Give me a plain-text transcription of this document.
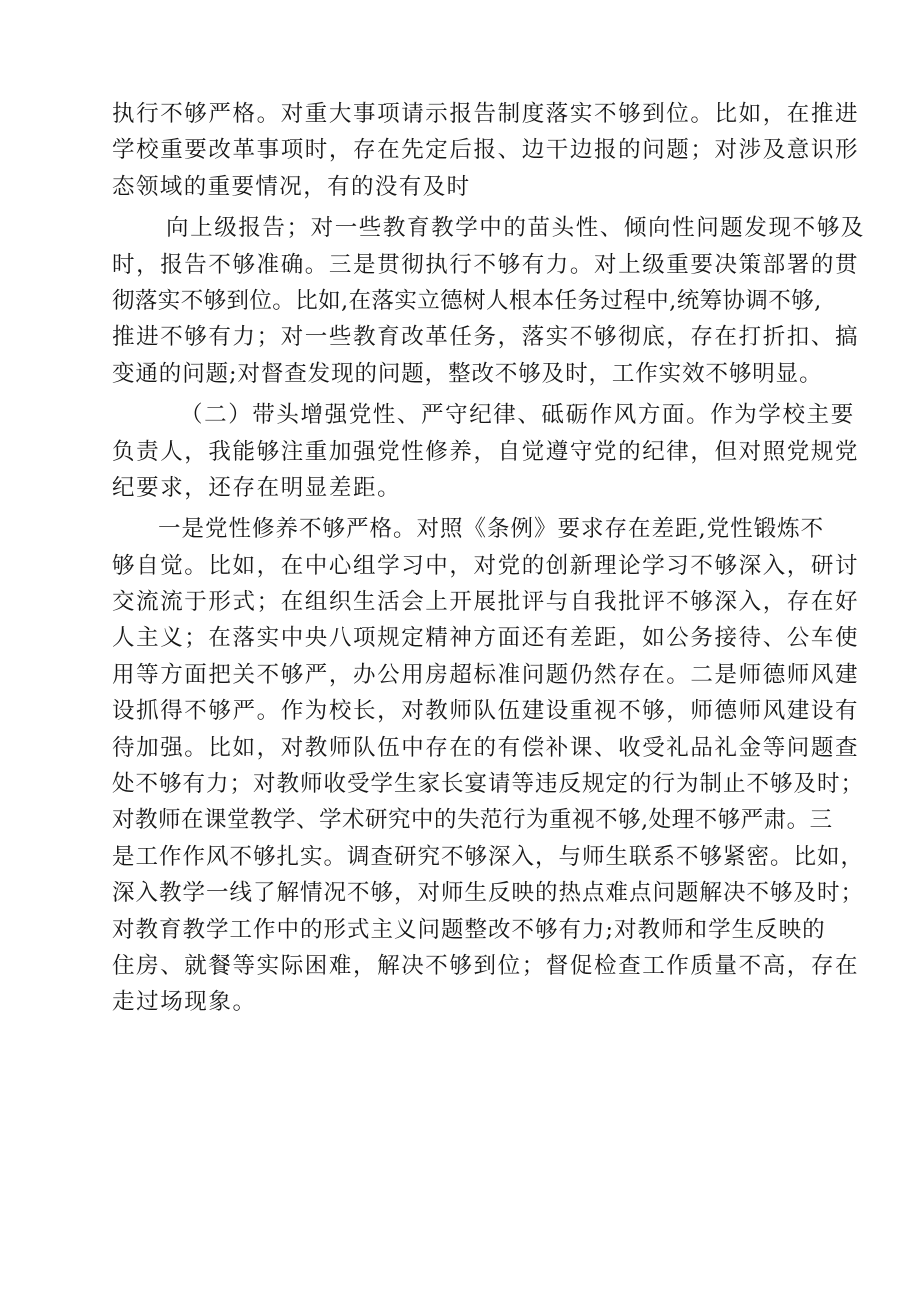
执行不够严格。对重大事项请示报告制度落实不够到位。比如，在推进
学校重要改革事项时，存在先定后报、边干边报的问题；对涉及意识形
态领域的重要情况，有的没有及时
向上级报告；对一些教育教学中的苗头性、倾向性问题发现不够及
时，报告不够准确。三是贯彻执行不够有力。对上级重要决策部署的贯
彻落实不够到位。比如,在落实立德树人根本任务过程中,统筹协调不够,
推进不够有力；对一些教育改革任务，落实不够彻底，存在打折扣、搞
变通的问题;对督查发现的问题，整改不够及时，工作实效不够明显。
（二）带头增强党性、严守纪律、砥砺作风方面。作为学校主要
负责人，我能够注重加强党性修养，自觉遵守党的纪律，但对照党规党
纪要求，还存在明显差距。
一是党性修养不够严格。对照《条例》要求存在差距,党性锻炼不
够自觉。比如，在中心组学习中，对党的创新理论学习不够深入，研讨
交流流于形式；在组织生活会上开展批评与自我批评不够深入，存在好
人主义；在落实中央八项规定精神方面还有差距，如公务接待、公车使
用等方面把关不够严，办公用房超标准问题仍然存在。二是师德师风建
设抓得不够严。作为校长，对教师队伍建设重视不够，师德师风建设有
待加强。比如，对教师队伍中存在的有偿补课、收受礼品礼金等问题查
处不够有力；对教师收受学生家长宴请等违反规定的行为制止不够及时；
对教师在课堂教学、学术研究中的失范行为重视不够,处理不够严肃。三
是工作作风不够扎实。调查研究不够深入，与师生联系不够紧密。比如，
深入教学一线了解情况不够，对师生反映的热点难点问题解决不够及时；
对教育教学工作中的形式主义问题整改不够有力;对教师和学生反映的
住房、就餐等实际困难，解决不够到位；督促检查工作质量不高，存在
走过场现象。
